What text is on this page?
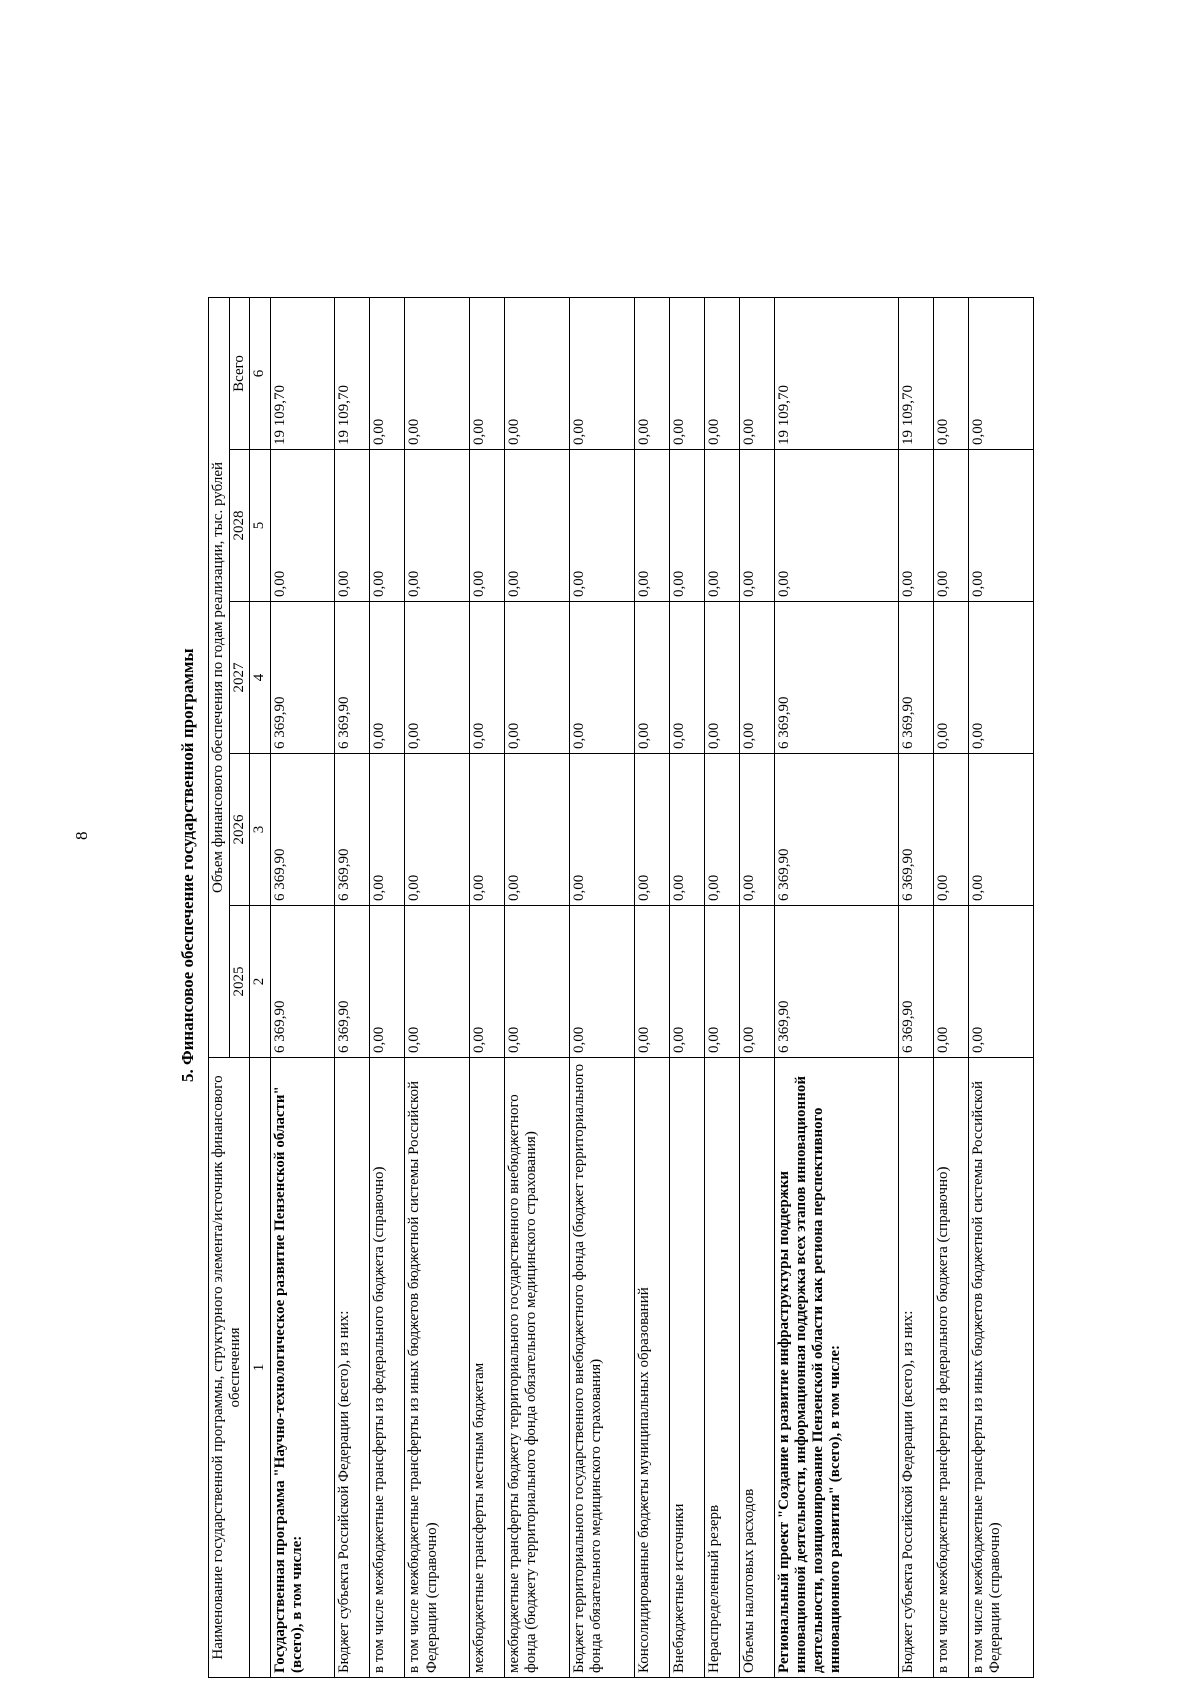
8	5. Финансовое обеспечение государственной программы
Наименование государственной программы, структурного элемента/источник финансового обеспечения	Объем финансового обеспечения по годам реализации, тыс. рублей				
	2025	2026	2027	2028	Всего
1	2	3	4	5	6
Государственная программа "Научно-технологическое развитие Пензенской области" (всего), в том числе:	6 369,90	6 369,90	6 369,90	0,00	19 109,70
Бюджет субъекта Российской Федерации (всего), из них:	6 369,90	6 369,90	6 369,90	0,00	19 109,70
в том числе межбюджетные трансферты из федерального бюджета (справочно)	0,00	0,00	0,00	0,00	0,00
в том числе межбюджетные трансферты из иных бюджетов бюджетной системы Российской Федерации (справочно)	0,00	0,00	0,00	0,00	0,00
межбюджетные трансферты местным бюджетам	0,00	0,00	0,00	0,00	0,00
межбюджетные трансферты бюджету территориального государственного внебюджетного фонда (бюджету территориального фонда обязательного медицинского страхования)	0,00	0,00	0,00	0,00	0,00
Бюджет территориального государственного внебюджетного фонда (бюджет территориального фонда обязательного медицинского страхования)	0,00	0,00	0,00	0,00	0,00
Консолидированные бюджеты муниципальных образований	0,00	0,00	0,00	0,00	0,00
Внебюджетные источники	0,00	0,00	0,00	0,00	0,00
Нераспределенный резерв	0,00	0,00	0,00	0,00	0,00
Объемы налоговых расходов	0,00	0,00	0,00	0,00	0,00
Региональный проект "Создание и развитие инфраструктуры поддержки инновационной деятельности, информационная поддержка всех этапов инновационной деятельности, позиционирование Пензенской области как региона перспективного инновационного развития" (всего), в том числе:	6 369,90	6 369,90	6 369,90	0,00	19 109,70
Бюджет субъекта Российской Федерации (всего), из них:	6 369,90	6 369,90	6 369,90	0,00	19 109,70
в том числе межбюджетные трансферты из федерального бюджета (справочно)	0,00	0,00	0,00	0,00	0,00
в том числе межбюджетные трансферты из иных бюджетов бюджетной системы Российской Федерации (справочно)	0,00	0,00	0,00	0,00	0,00
